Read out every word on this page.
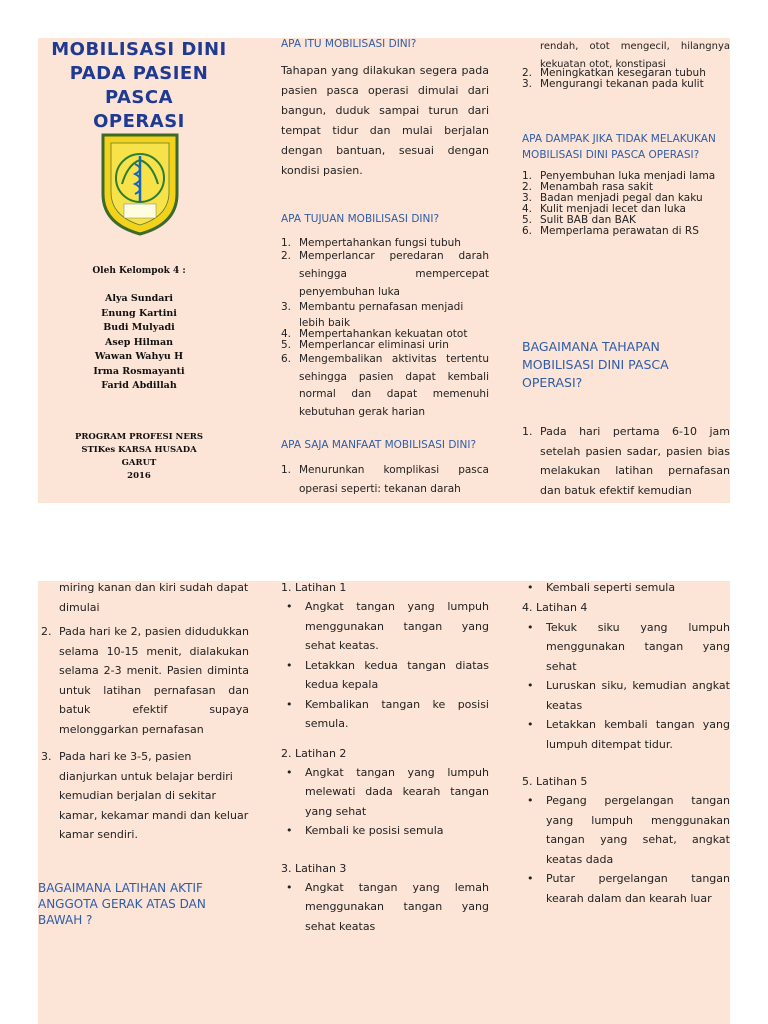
MOBILISASI DINI
PADA PASIEN PASCA
OPERASI
Oleh Kelompok 4 :
Alya Sundari
Enung Kartini
Budi Mulyadi
Asep Hilman
Wawan Wahyu H
Irma Rosmayanti
Farid Abdillah
PROGRAM PROFESI NERS
STIKes KARSA HUSADA
GARUT
2016
APA ITU MOBILISASI DINI?
Tahapan yang dilakukan segera pada pasien pasca operasi dimulai dari bangun, duduk sampai turun dari tempat tidur dan mulai berjalan dengan bantuan, sesuai dengan kondisi pasien.
APA TUJUAN MOBILISASI DINI?
1. Mempertahankan fungsi tubuh
2. Memperlancar peredaran darah sehingga mempercepat penyembuhan luka
3. Membantu pernafasan menjadi lebih baik
4. Mempertahankan kekuatan otot
5. Memperlancar eliminasi urin
6. Mengembalikan aktivitas tertentu sehingga pasien dapat kembali normal dan dapat memenuhi kebutuhan gerak harian
APA SAJA MANFAAT MOBILISASI DINI?
1. Menurunkan komplikasi pasca operasi seperti: tekanan darah
rendah, otot mengecil, hilangnya kekuatan otot, konstipasi
2. Meningkatkan kesegaran tubuh
3. Mengurangi tekanan pada kulit
APA DAMPAK JIKA TIDAK MELAKUKAN MOBILISASI DINI PASCA OPERASI?
1. Penyembuhan luka menjadi lama
2. Menambah rasa sakit
3. Badan menjadi pegal dan kaku
4. Kulit menjadi lecet dan luka
5. Sulit BAB dan BAK
6. Memperlama perawatan di RS
BAGAIMANA TAHAPAN MOBILISASI DINI PASCA OPERASI?
1. Pada hari pertama 6-10 jam setelah pasien sadar, pasien bias melakukan latihan pernafasan dan batuk efektif kemudian
miring kanan dan kiri sudah dapat dimulai
2. Pada hari ke 2, pasien didudukkan selama 10-15 menit, dialakukan selama 2-3 menit. Pasien diminta untuk latihan pernafasan dan batuk efektif supaya melonggarkan pernafasan
3. Pada hari ke 3-5, pasien dianjurkan untuk belajar berdiri kemudian berjalan di sekitar kamar, kekamar mandi dan keluar kamar sendiri.
BAGAIMANA LATIHAN AKTIF ANGGOTA GERAK ATAS DAN BAWAH ?
1. Latihan 1
• Angkat tangan yang lumpuh menggunakan tangan yang sehat keatas.
• Letakkan kedua tangan diatas kedua kepala
• Kembalikan tangan ke posisi semula.
2. Latihan 2
• Angkat tangan yang lumpuh melewati dada kearah tangan yang sehat
• Kembali ke posisi semula
3. Latihan 3
• Angkat tangan yang lemah menggunakan tangan yang sehat keatas
• Kembali seperti semula
4. Latihan 4
• Tekuk siku yang lumpuh menggunakan tangan yang sehat
• Luruskan siku, kemudian angkat keatas
• Letakkan kembali tangan yang lumpuh ditempat tidur.
5. Latihan 5
• Pegang pergelangan tangan yang lumpuh menggunakan tangan yang sehat, angkat keatas dada
• Putar pergelangan tangan kearah dalam dan kearah luar
